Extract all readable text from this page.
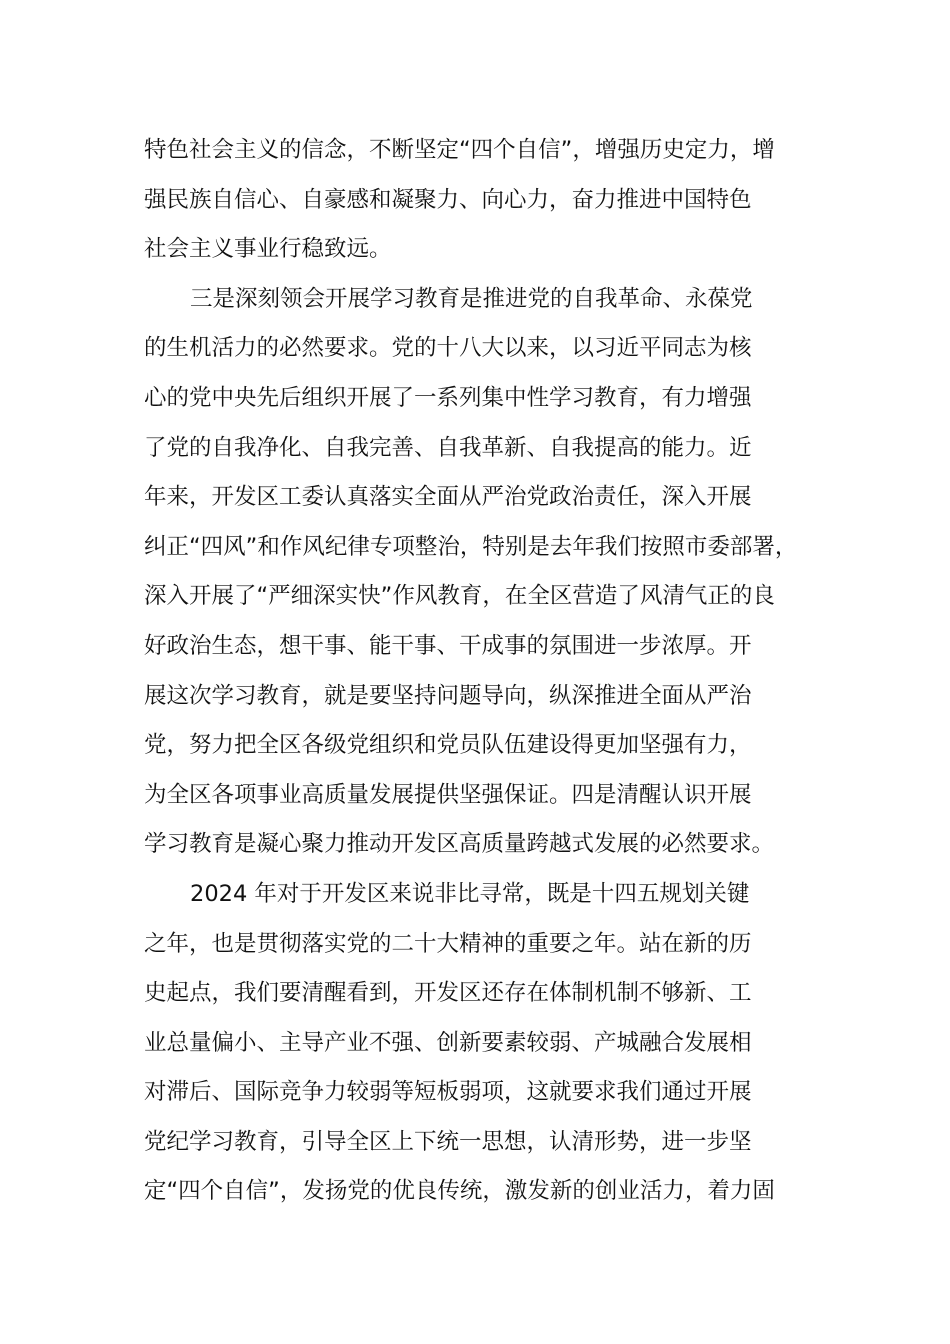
特色社会主义的信念，不断坚定“四个自信”，增强历史定力，增
强民族自信心、自豪感和凝聚力、向心力，奋力推进中国特色
社会主义事业行稳致远。
三是深刻领会开展学习教育是推进党的自我革命、永葆党
的生机活力的必然要求。党的十八大以来，以习近平同志为核
心的党中央先后组织开展了一系列集中性学习教育，有力增强
了党的自我净化、自我完善、自我革新、自我提高的能力。近
年来，开发区工委认真落实全面从严治党政治责任，深入开展
纠正“四风”和作风纪律专项整治，特别是去年我们按照市委部署，
深入开展了“严细深实快”作风教育，在全区营造了风清气正的良
好政治生态，想干事、能干事、干成事的氛围进一步浓厚。开
展这次学习教育，就是要坚持问题导向，纵深推进全面从严治
党，努力把全区各级党组织和党员队伍建设得更加坚强有力，
为全区各项事业高质量发展提供坚强保证。四是清醒认识开展
学习教育是凝心聚力推动开发区高质量跨越式发展的必然要求。
2024 年对于开发区来说非比寻常，既是十四五规划关键
之年，也是贯彻落实党的二十大精神的重要之年。站在新的历
史起点，我们要清醒看到，开发区还存在体制机制不够新、工
业总量偏小、主导产业不强、创新要素较弱、产城融合发展相
对滞后、国际竞争力较弱等短板弱项，这就要求我们通过开展
党纪学习教育，引导全区上下统一思想，认清形势，进一步坚
定“四个自信”，发扬党的优良传统，激发新的创业活力，着力固
